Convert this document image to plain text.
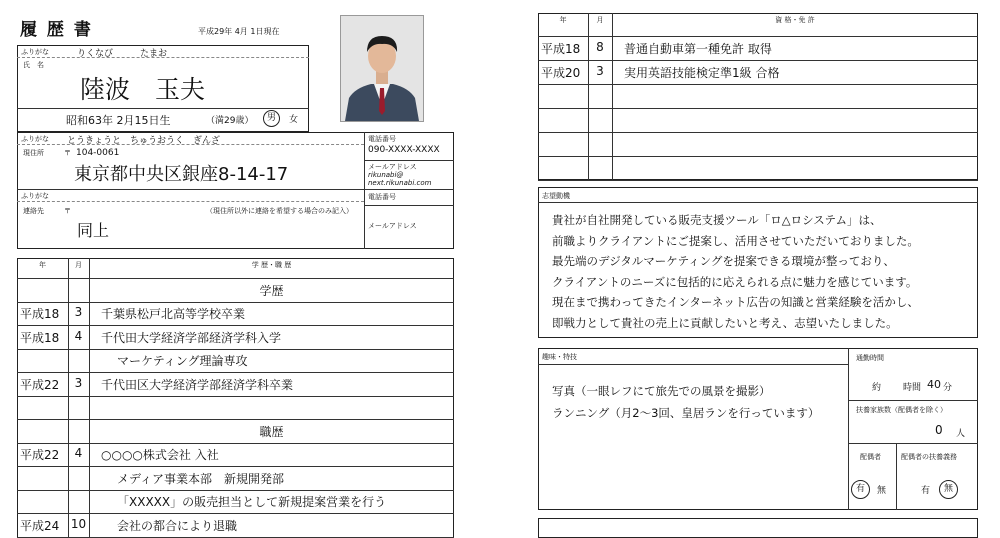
履 歴 書	平成29年 4月 1日現在
ふりがな	りくなび　　　たまお
氏　名
陸波　玉夫
昭和63年 2月15日生	（満29歳）	男	女
ふりがな とうきょうと　ちゅうおうく　ぎんざ
現住所	〒 104-0061
東京都中央区銀座8-14-17
電話番号
090-XXXX-XXXX
メールアドレス
rikunabi@
next.rikunabi.com
ふりがな
連絡先	〒	（現住所以外に連絡を希望する場合のみ記入）
同上
電話番号
メールアドレス
年	月	学 歴・職 歴
学歴
平成18	3	千葉県松戸北高等学校卒業
平成18	4	千代田大学経済学部経済学科入学
マーケティング理論専攻
平成22	3	千代田区大学経済学部経済学科卒業
職歴
平成22	4	○○○○株式会社 入社
メディア事業本部　新規開発部
「XXXXX」の販売担当として新規提案営業を行う
平成24 10	会社の都合により退職
年	月	資 格・免 許
平成18	8	普通自動車第一種免許 取得
平成20	3	実用英語技能検定準1級 合格
志望動機
貴社が自社開発している販売支援ツール「ロ△ロシステム」は、
前職よりクライアントにご提案し、活用させていただいておりました。
最先端のデジタルマーケティングを提案できる環境が整っており、
クライアントのニーズに包括的に応えられる点に魅力を感じています。
現在まで携わってきたインターネット広告の知識と営業経験を活かし、
即戦力として貴社の売上に貢献したいと考え、志望いたしました。
趣味・特技
写真（一眼レフにて旅先での風景を撮影）
ランニング（月2〜3回、皇居ランを行っています）
通勤時間
約 時間 40 分
扶養家族数（配偶者を除く）
0 人
配偶者	配偶者の扶養義務
有	無	有	無
